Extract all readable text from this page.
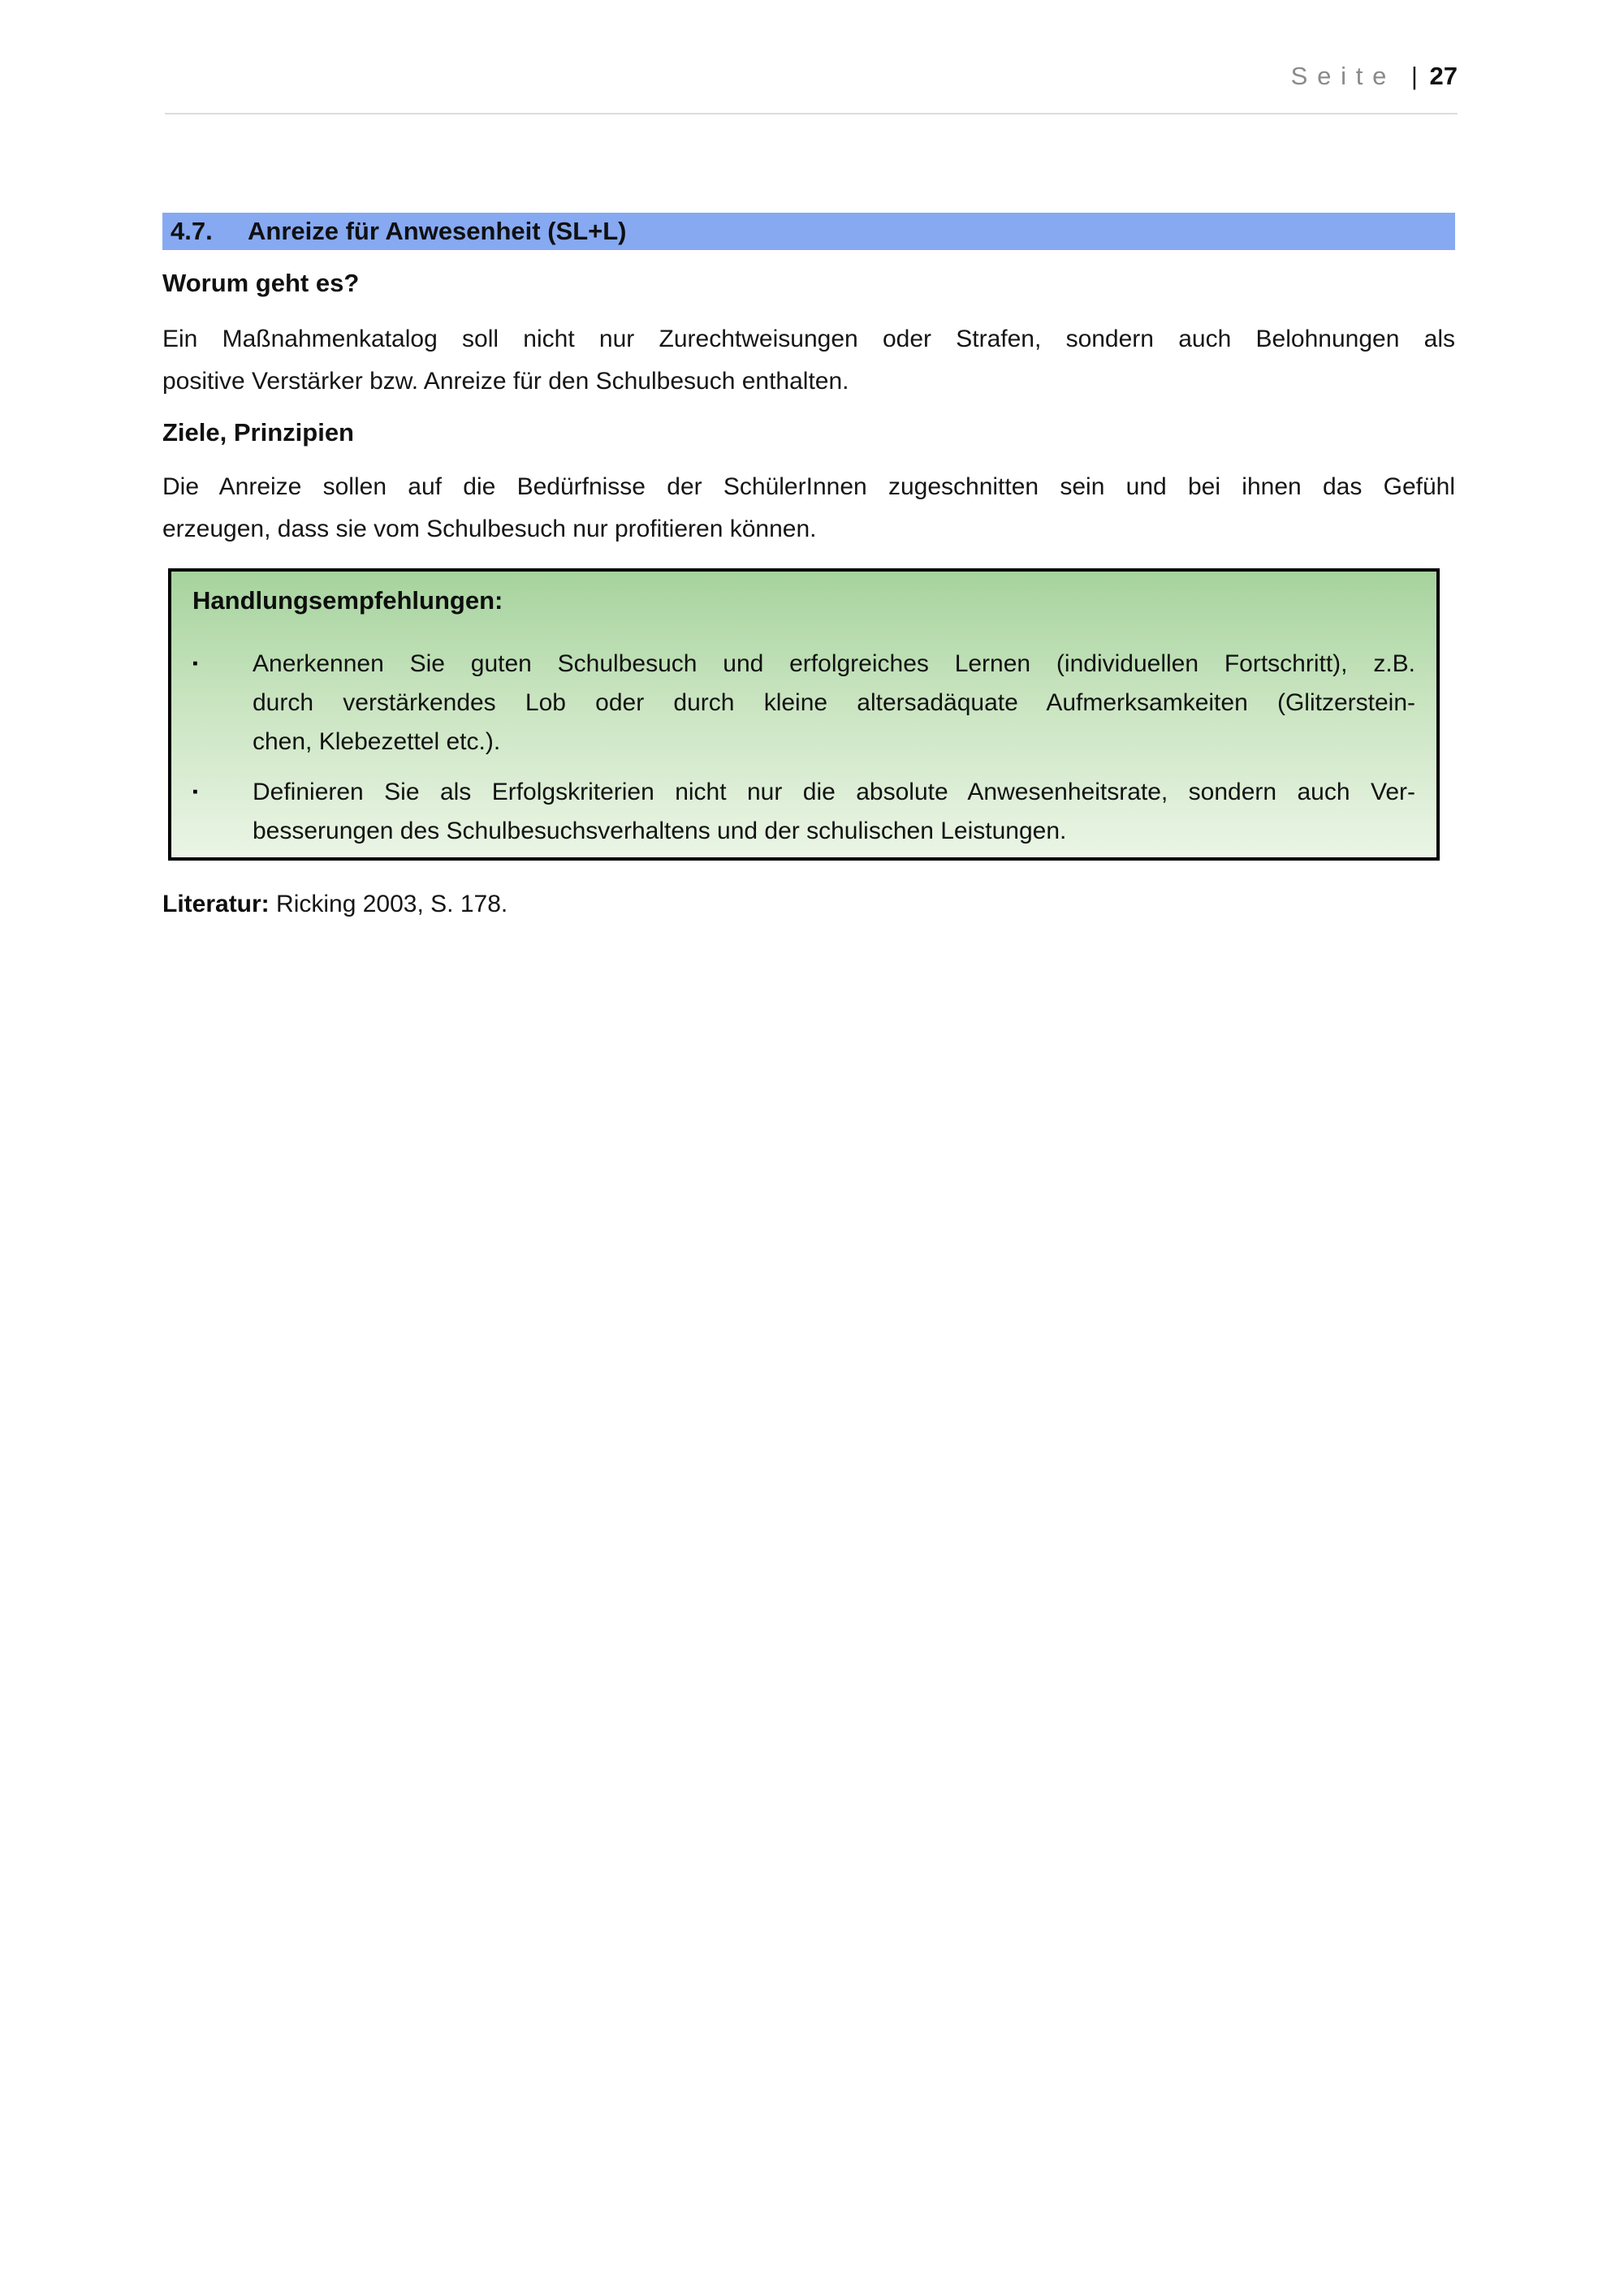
Seite | 27
4.7.	Anreize für Anwesenheit (SL+L)
Worum geht es?
Ein Maßnahmenkatalog soll nicht nur Zurechtweisungen oder Strafen, sondern auch Belohnungen als
positive Verstärker bzw. Anreize für den Schulbesuch enthalten.
Ziele, Prinzipien
Die Anreize sollen auf die Bedürfnisse der SchülerInnen zugeschnitten sein und bei ihnen das Gefühl
erzeugen, dass sie vom Schulbesuch nur profitieren können.
Handlungsempfehlungen:
▪	Anerkennen Sie guten Schulbesuch und erfolgreiches Lernen (individuellen Fortschritt), z.B.
durch verstärkendes Lob oder durch kleine altersadäquate Aufmerksamkeiten (Glitzerstein-
chen, Klebezettel etc.).
▪	Definieren Sie als Erfolgskriterien nicht nur die absolute Anwesenheitsrate, sondern auch Ver-
besserungen des Schulbesuchsverhaltens und der schulischen Leistungen.
Literatur: Ricking 2003, S. 178.
